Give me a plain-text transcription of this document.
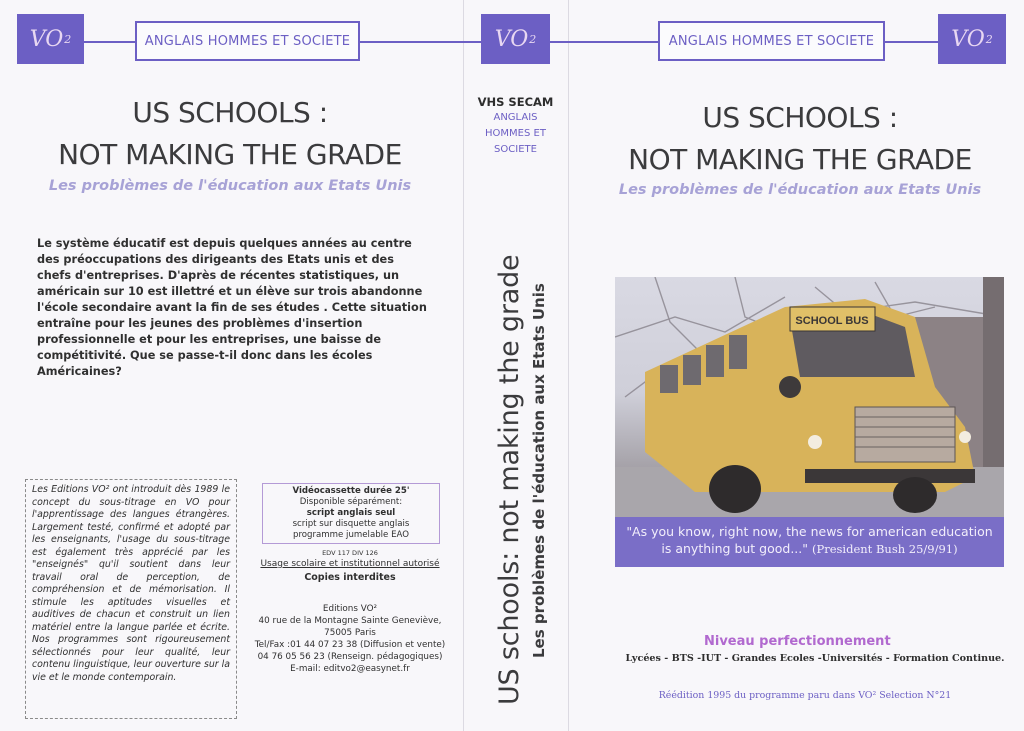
VO 2	ANGLAIS HOMMES ET SOCIETE	VO 2	ANGLAIS HOMMES ET SOCIETE	VO 2
US SCHOOLS :
NOT MAKING THE GRADE
Les problèmes de l'éducation aux Etats Unis
Le système éducatif est depuis quelques années au centre des préoccupations des dirigeants des Etats unis et des chefs d'entreprises. D'après de récentes statistiques, un américain sur 10 est illettré et un élève sur trois abandonne l'école secondaire avant la fin de ses études . Cette situation entraîne pour les jeunes des problèmes d'insertion professionnelle et pour les entreprises, une baisse de compétitivité. Que se passe-t-il donc dans les écoles Américaines?
Les Editions VO² ont introduit dès 1989 le concept du sous-titrage en VO pour l'apprentissage des langues étrangères. Largement testé, confirmé et adopté par les enseignants, l'usage du sous-titrage est également très apprécié par les "enseignés" qu'il soutient dans leur travail oral de perception, de compréhension et de mémorisation. Il stimule les aptitudes visuelles et auditives de chacun et construit un lien matériel entre la langue parlée et écrite. Nos programmes sont rigoureusement sélectionnés pour leur qualité, leur contenu linguistique, leur ouverture sur la vie et le monde contemporain.
Vidéocassette durée 25'
Disponible séparément:
script anglais seul
script sur disquette anglais
programme jumelable EAO
EDV 117 DIV 126
Usage scolaire et institutionnel autorisé
Copies interdites
Editions VO²
40 rue de la Montagne Sainte Geneviève,
75005 Paris
Tel/Fax :01 44 07 23 38 (Diffusion et vente)
04 76 05 56 23 (Renseign. pédagogiques)
E-mail: editvo2@easynet.fr
VHS SECAM
ANGLAIS
HOMMES ET
SOCIETE
US schools: not making the grade Les problèmes de l'éducation aux Etats Unis
US SCHOOLS :
NOT MAKING THE GRADE
Les problèmes de l'éducation aux Etats Unis
SCHOOL BUS
"As you know, right now, the news for american education
is anything but good..." (President Bush 25/9/91)
Niveau perfectionnement
Lycées - BTS -IUT - Grandes Ecoles -Universités - Formation Continue.
Réédition 1995 du programme paru dans VO² Selection N°21
